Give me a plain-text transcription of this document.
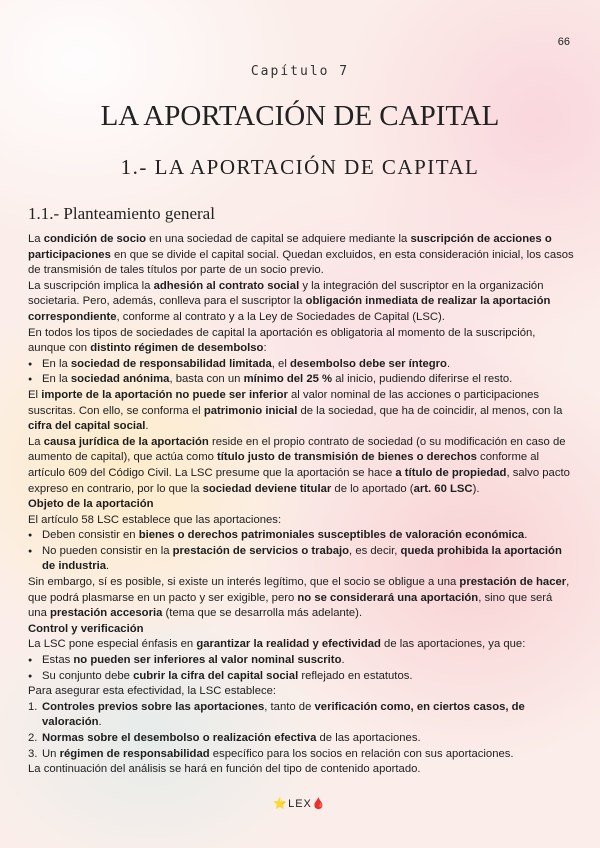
66
Capítulo 7
LA APORTACIÓN DE CAPITAL
1.- LA APORTACIÓN DE CAPITAL
1.1.- Planteamiento general
La condición de socio en una sociedad de capital se adquiere mediante la suscripción de acciones o participaciones en que se divide el capital social. Quedan excluidos, en esta consideración inicial, los casos de transmisión de tales títulos por parte de un socio previo.
La suscripción implica la adhesión al contrato social y la integración del suscriptor en la organización societaria. Pero, además, conlleva para el suscriptor la obligación inmediata de realizar la aportación correspondiente, conforme al contrato y a la Ley de Sociedades de Capital (LSC).
En todos los tipos de sociedades de capital la aportación es obligatoria al momento de la suscripción, aunque con distinto régimen de desembolso:
● En la sociedad de responsabilidad limitada, el desembolso debe ser íntegro.
● En la sociedad anónima, basta con un mínimo del 25 % al inicio, pudiendo diferirse el resto.
El importe de la aportación no puede ser inferior al valor nominal de las acciones o participaciones suscritas. Con ello, se conforma el patrimonio inicial de la sociedad, que ha de coincidir, al menos, con la cifra del capital social.
La causa jurídica de la aportación reside en el propio contrato de sociedad (o su modificación en caso de aumento de capital), que actúa como título justo de transmisión de bienes o derechos conforme al artículo 609 del Código Civil. La LSC presume que la aportación se hace a título de propiedad, salvo pacto expreso en contrario, por lo que la sociedad deviene titular de lo aportado (art. 60 LSC).
Objeto de la aportación
El artículo 58 LSC establece que las aportaciones:
● Deben consistir en bienes o derechos patrimoniales susceptibles de valoración económica.
● No pueden consistir en la prestación de servicios o trabajo, es decir, queda prohibida la aportación de industria.
Sin embargo, sí es posible, si existe un interés legítimo, que el socio se obligue a una prestación de hacer, que podrá plasmarse en un pacto y ser exigible, pero no se considerará una aportación, sino que será una prestación accesoria (tema que se desarrolla más adelante).
Control y verificación
La LSC pone especial énfasis en garantizar la realidad y efectividad de las aportaciones, ya que:
● Estas no pueden ser inferiores al valor nominal suscrito.
● Su conjunto debe cubrir la cifra del capital social reflejado en estatutos.
Para asegurar esta efectividad, la LSC establece:
1. Controles previos sobre las aportaciones, tanto de verificación como, en ciertos casos, de valoración.
2. Normas sobre el desembolso o realización efectiva de las aportaciones.
3. Un régimen de responsabilidad específico para los socios en relación con sus aportaciones.
La continuación del análisis se hará en función del tipo de contenido aportado.
⭐LEX🩸
